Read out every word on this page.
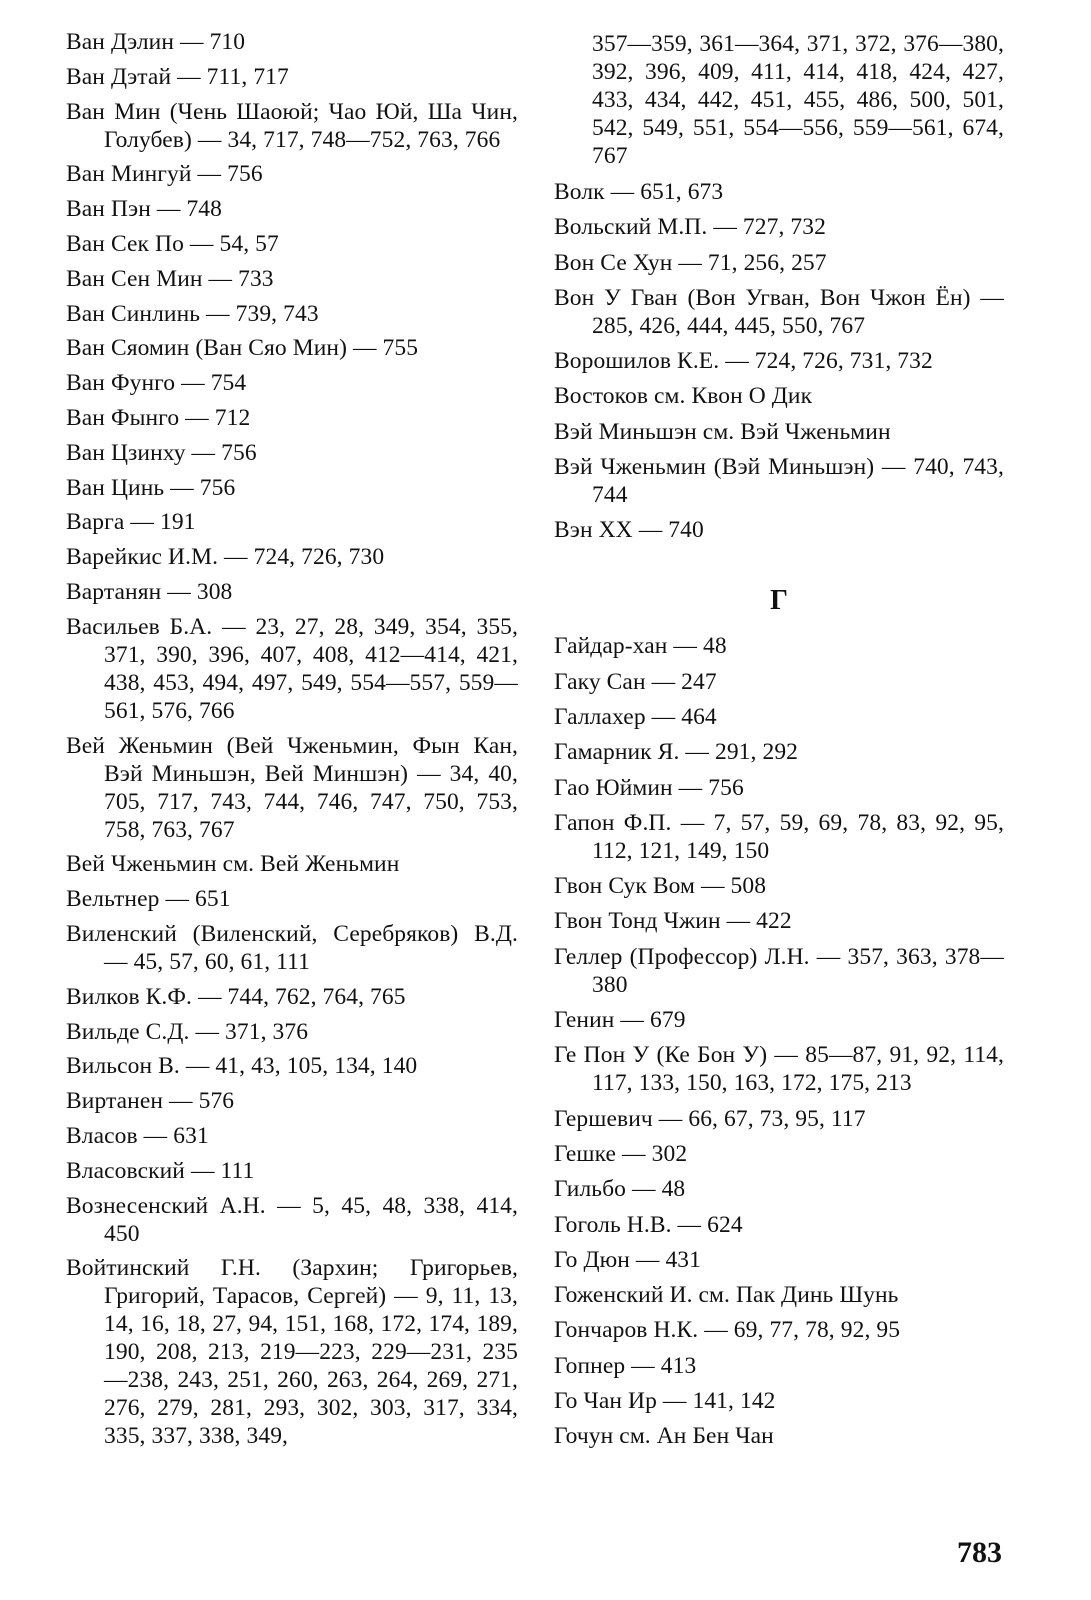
Ван Дэлин — 710

Ван Дэтай — 711, 717

Ван Мин (Чень Шаоюй; Чао Юй, Ша Чин, Голубев) — 34, 717, 748—752, 763, 766

Ван Мингуй — 756

Ван Пэн — 748

Ван Сек По — 54, 57

Ван Сен Мин — 733

Ван Синлинь — 739, 743

Ван Сяомин (Ван Сяо Мин) — 755

Ван Фунго — 754

Ван Фынго — 712

Ван Цзинху — 756

Ван Цинь — 756

Варга — 191

Варейкис И.М. — 724, 726, 730

Вартанян — 308

Васильев Б.А. — 23, 27, 28, 349, 354, 355, 371, 390, 396, 407, 408, 412—414, 421, 438, 453, 494, 497, 549, 554—557, 559—561, 576, 766

Вей Женьмин (Вей Чженьмин, Фын Кан, Вэй Миньшэн, Вей Миншэн) — 34, 40, 705, 717, 743, 744, 746, 747, 750, 753, 758, 763, 767

Вей Чженьмин см. Вей Женьмин

Вельтнер — 651

Виленский (Виленский, Серебряков) В.Д. — 45, 57, 60, 61, 111

Вилков К.Ф. — 744, 762, 764, 765

Вильде С.Д. — 371, 376

Вильсон В. — 41, 43, 105, 134, 140

Виртанен — 576

Власов — 631

Власовский — 111

Вознесенский А.Н. — 5, 45, 48, 338, 414, 450

Войтинский Г.Н. (Зархин; Григорьев, Григорий, Тарасов, Сергей) — 9, 11, 13, 14, 16, 18, 27, 94, 151, 168, 172, 174, 189, 190, 208, 213, 219—223, 229—231, 235—238, 243, 251, 260, 263, 264, 269, 271, 276, 279, 281, 293, 302, 303, 317, 334, 335, 337, 338, 349,

357—359, 361—364, 371, 372, 376—380, 392, 396, 409, 411, 414, 418, 424, 427, 433, 434, 442, 451, 455, 486, 500, 501, 542, 549, 551, 554—556, 559—561, 674, 767

Волк — 651, 673

Вольский М.П. — 727, 732

Вон Се Хун — 71, 256, 257

Вон У Гван (Вон Угван, Вон Чжон Ён) — 285, 426, 444, 445, 550, 767

Ворошилов К.Е. — 724, 726, 731, 732

Востоков см. Квон О Дик

Вэй Миньшэн см. Вэй Чженьмин

Вэй Чженьмин (Вэй Миньшэн) — 740, 743, 744

Вэн XX — 740

Г

Гайдар-хан — 48

Гаку Сан — 247

Галлахер — 464

Гамарник Я. — 291, 292

Гао Юймин — 756

Гапон Ф.П. — 7, 57, 59, 69, 78, 83, 92, 95, 112, 121, 149, 150

Гвон Сук Вом — 508

Гвон Тонд Чжин — 422

Геллер (Профессор) Л.Н. — 357, 363, 378—380

Генин — 679

Ге Пон У (Ке Бон У) — 85—87, 91, 92, 114, 117, 133, 150, 163, 172, 175, 213

Гершевич — 66, 67, 73, 95, 117

Гешке — 302

Гильбо — 48

Гоголь Н.В. — 624

Го Дюн — 431

Гоженский И. см. Пак Динь Шунь

Гончаров Н.К. — 69, 77, 78, 92, 95

Гопнер — 413

Го Чан Ир — 141, 142

Гочун см. Ан Бен Чан

783
